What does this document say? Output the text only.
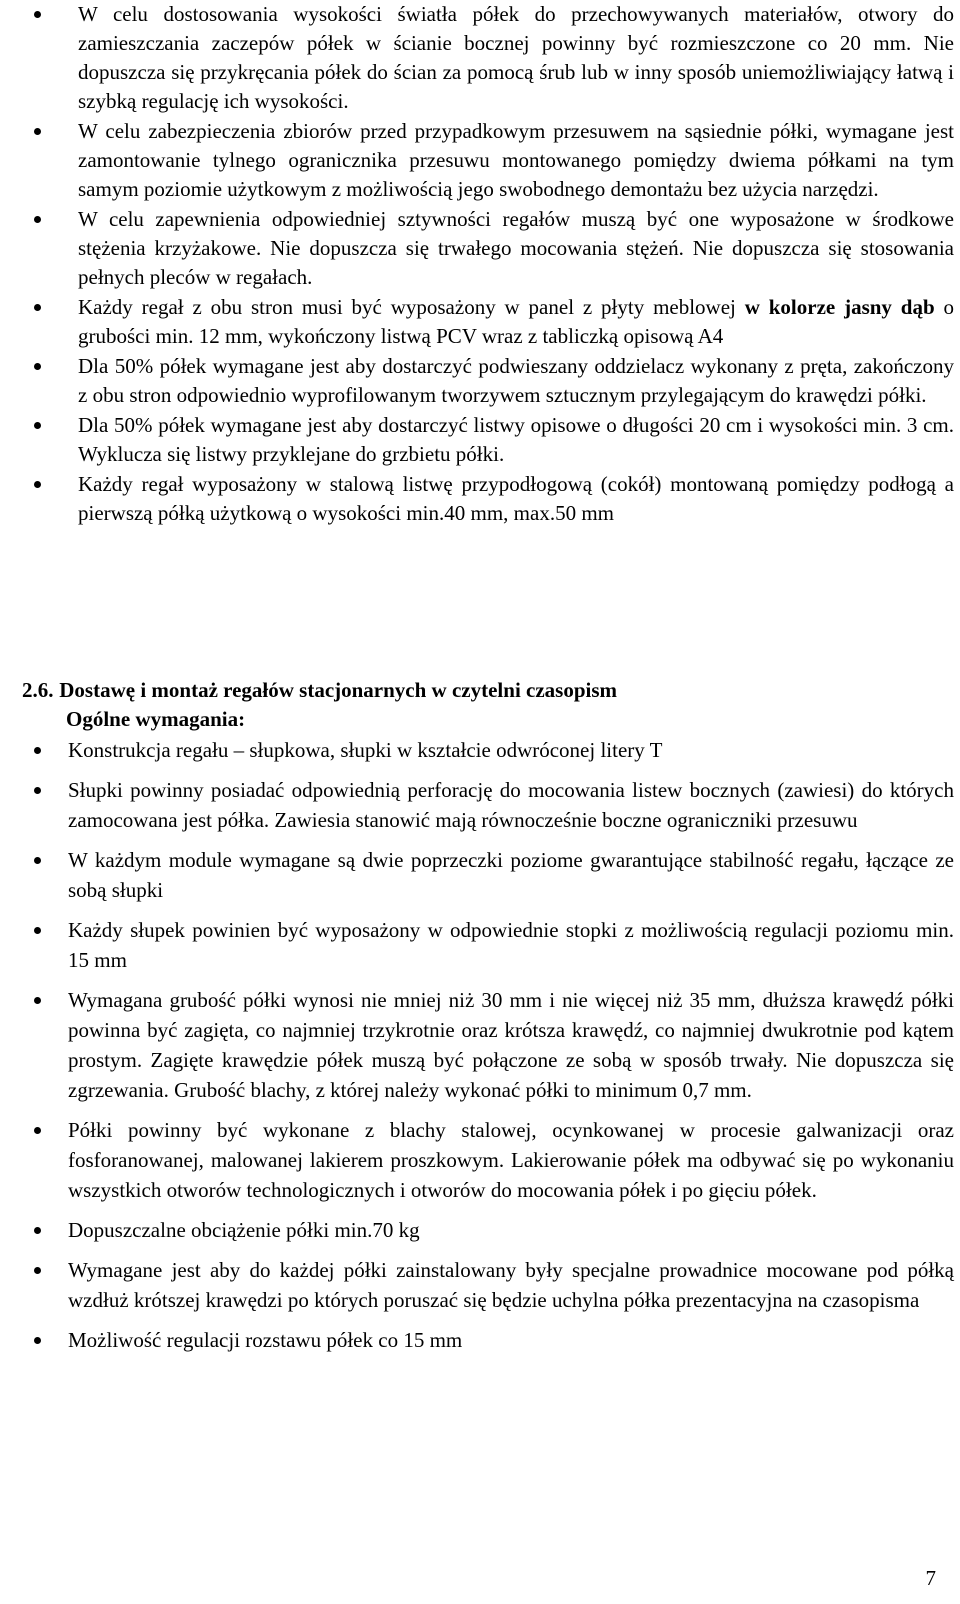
W celu dostosowania wysokości światła półek do przechowywanych materiałów, otwory do zamieszczania zaczepów półek w ścianie bocznej powinny być rozmieszczone co 20 mm. Nie dopuszcza się przykręcania półek do ścian za pomocą śrub lub w inny sposób uniemożliwiający łatwą i szybką regulację ich wysokości.
W celu zabezpieczenia zbiorów przed przypadkowym przesuwem na sąsiednie półki, wymagane jest zamontowanie tylnego ogranicznika przesuwu montowanego pomiędzy dwiema półkami na tym samym poziomie użytkowym z możliwością jego swobodnego demontażu bez użycia narzędzi.
W celu zapewnienia odpowiedniej sztywności regałów muszą być one wyposażone w środkowe stężenia krzyżakowe. Nie dopuszcza się trwałego mocowania stężeń. Nie dopuszcza się stosowania pełnych pleców w regałach.
Każdy regał z obu stron musi być wyposażony w panel z płyty meblowej w kolorze jasny dąb o grubości min. 12 mm, wykończony listwą PCV wraz z tabliczką opisową A4
Dla 50% półek wymagane jest aby dostarczyć podwieszany oddzielacz wykonany z pręta, zakończony z obu stron odpowiednio wyprofilowanym tworzywem sztucznym przylegającym do krawędzi półki.
Dla 50% półek wymagane jest aby dostarczyć listwy opisowe o długości 20 cm i wysokości min. 3 cm. Wyklucza się listwy przyklejane do grzbietu półki.
Każdy regał wyposażony w stalową listwę przypodłogową (cokół) montowaną pomiędzy podłogą a pierwszą półką użytkową o wysokości min.40 mm, max.50 mm
2.6. Dostawę i montaż regałów stacjonarnych w czytelni czasopism
Ogólne wymagania:
Konstrukcja regału – słupkowa, słupki w kształcie odwróconej litery T
Słupki powinny posiadać odpowiednią perforację do mocowania listew bocznych (zawiesi) do których zamocowana jest półka. Zawiesia stanowić mają równocześnie boczne ograniczniki przesuwu
W każdym module wymagane są dwie poprzeczki poziome gwarantujące stabilność regału, łączące ze sobą słupki
Każdy słupek powinien być wyposażony w odpowiednie stopki z możliwością regulacji poziomu min. 15 mm
Wymagana grubość półki wynosi nie mniej niż 30 mm i nie więcej niż 35 mm, dłuższa krawędź półki powinna być zagięta, co najmniej trzykrotnie oraz krótsza krawędź, co najmniej dwukrotnie pod kątem prostym. Zagięte krawędzie półek muszą być połączone ze sobą w sposób trwały. Nie dopuszcza się zgrzewania. Grubość blachy, z której należy wykonać półki to minimum 0,7 mm.
Półki powinny być wykonane z blachy stalowej, ocynkowanej w procesie galwanizacji oraz fosforanowanej, malowanej lakierem proszkowym. Lakierowanie półek ma odbywać się po wykonaniu wszystkich otworów technologicznych i otworów do mocowania półek i po gięciu półek.
Dopuszczalne obciążenie półki min.70 kg
Wymagane jest aby do każdej półki zainstalowany były specjalne prowadnice mocowane pod półką wzdłuż krótszej krawędzi po których poruszać się będzie uchylna półka prezentacyjna na czasopisma
Możliwość regulacji rozstawu półek co 15 mm
7
